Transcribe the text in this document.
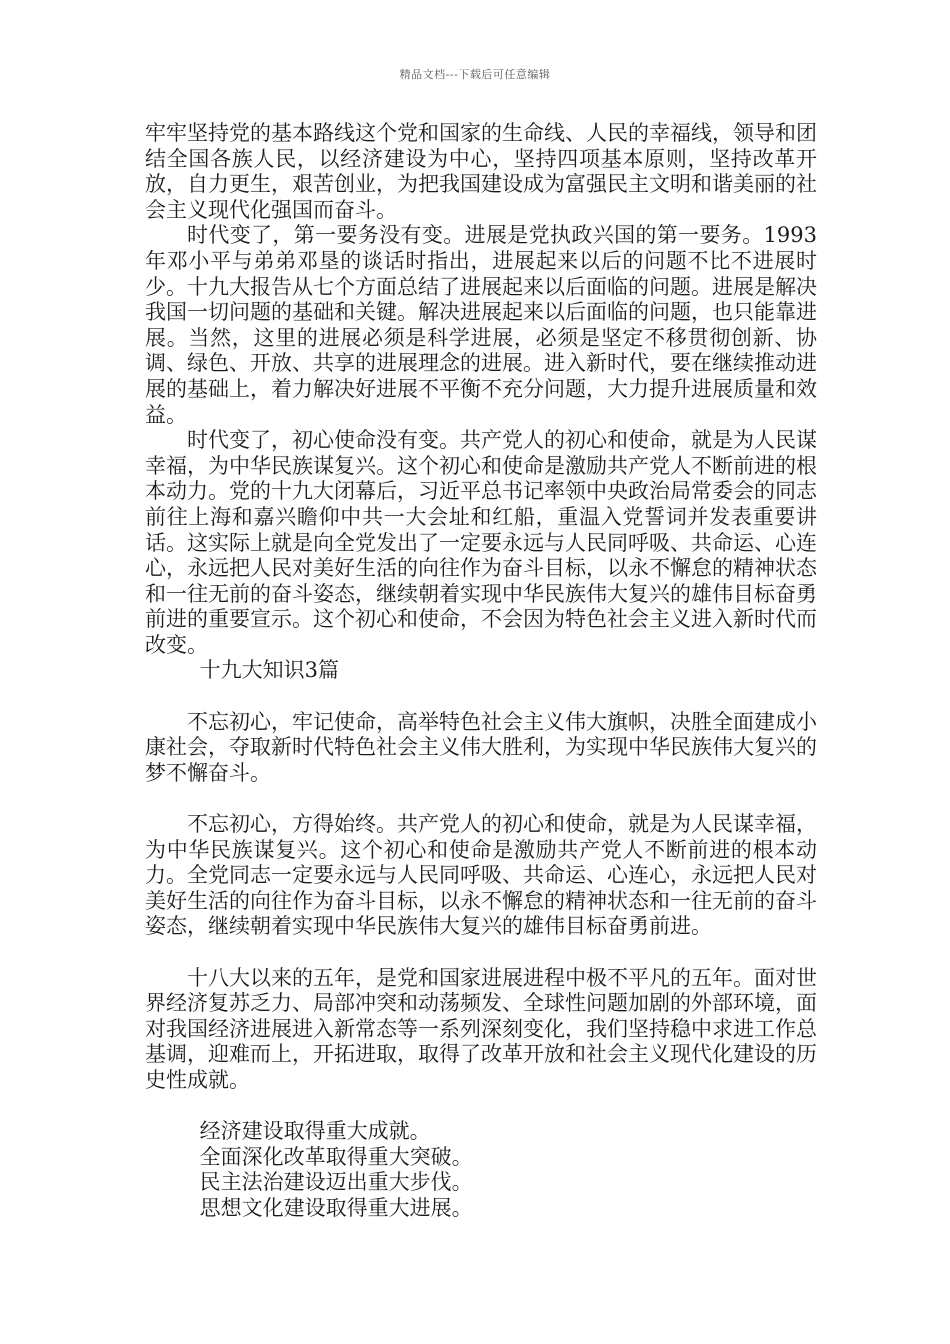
精品文档---下载后可任意编辑

牢牢坚持党的基本路线这个党和国家的生命线、人民的幸福线，领导和团结全国各族人民，以经济建设为中心，坚持四项基本原则，坚持改革开放，自力更生，艰苦创业，为把我国建设成为富强民主文明和谐美丽的社会主义现代化强国而奋斗。

时代变了，第一要务没有变。进展是党执政兴国的第一要务。1993年邓小平与弟弟邓垦的谈话时指出，进展起来以后的问题不比不进展时少。十九大报告从七个方面总结了进展起来以后面临的问题。进展是解决我国一切问题的基础和关键。解决进展起来以后面临的问题，也只能靠进展。当然，这里的进展必须是科学进展，必须是坚定不移贯彻创新、协调、绿色、开放、共享的进展理念的进展。进入新时代，要在继续推动进展的基础上，着力解决好进展不平衡不充分问题，大力提升进展质量和效益。

时代变了，初心使命没有变。共产党人的初心和使命，就是为人民谋幸福，为中华民族谋复兴。这个初心和使命是激励共产党人不断前进的根本动力。党的十九大闭幕后，习近平总书记率领中央政治局常委会的同志前往上海和嘉兴瞻仰中共一大会址和红船，重温入党誓词并发表重要讲话。这实际上就是向全党发出了一定要永远与人民同呼吸、共命运、心连心，永远把人民对美好生活的向往作为奋斗目标，以永不懈怠的精神状态和一往无前的奋斗姿态，继续朝着实现中华民族伟大复兴的雄伟目标奋勇前进的重要宣示。这个初心和使命，不会因为特色社会主义进入新时代而改变。

十九大知识3篇

不忘初心，牢记使命，高举特色社会主义伟大旗帜，决胜全面建成小康社会，夺取新时代特色社会主义伟大胜利，为实现中华民族伟大复兴的梦不懈奋斗。

不忘初心，方得始终。共产党人的初心和使命，就是为人民谋幸福，为中华民族谋复兴。这个初心和使命是激励共产党人不断前进的根本动力。全党同志一定要永远与人民同呼吸、共命运、心连心，永远把人民对美好生活的向往作为奋斗目标，以永不懈怠的精神状态和一往无前的奋斗姿态，继续朝着实现中华民族伟大复兴的雄伟目标奋勇前进。

十八大以来的五年，是党和国家进展进程中极不平凡的五年。面对世界经济复苏乏力、局部冲突和动荡频发、全球性问题加剧的外部环境，面对我国经济进展进入新常态等一系列深刻变化，我们坚持稳中求进工作总基调，迎难而上，开拓进取，取得了改革开放和社会主义现代化建设的历史性成就。

经济建设取得重大成就。

全面深化改革取得重大突破。

民主法治建设迈出重大步伐。

思想文化建设取得重大进展。
